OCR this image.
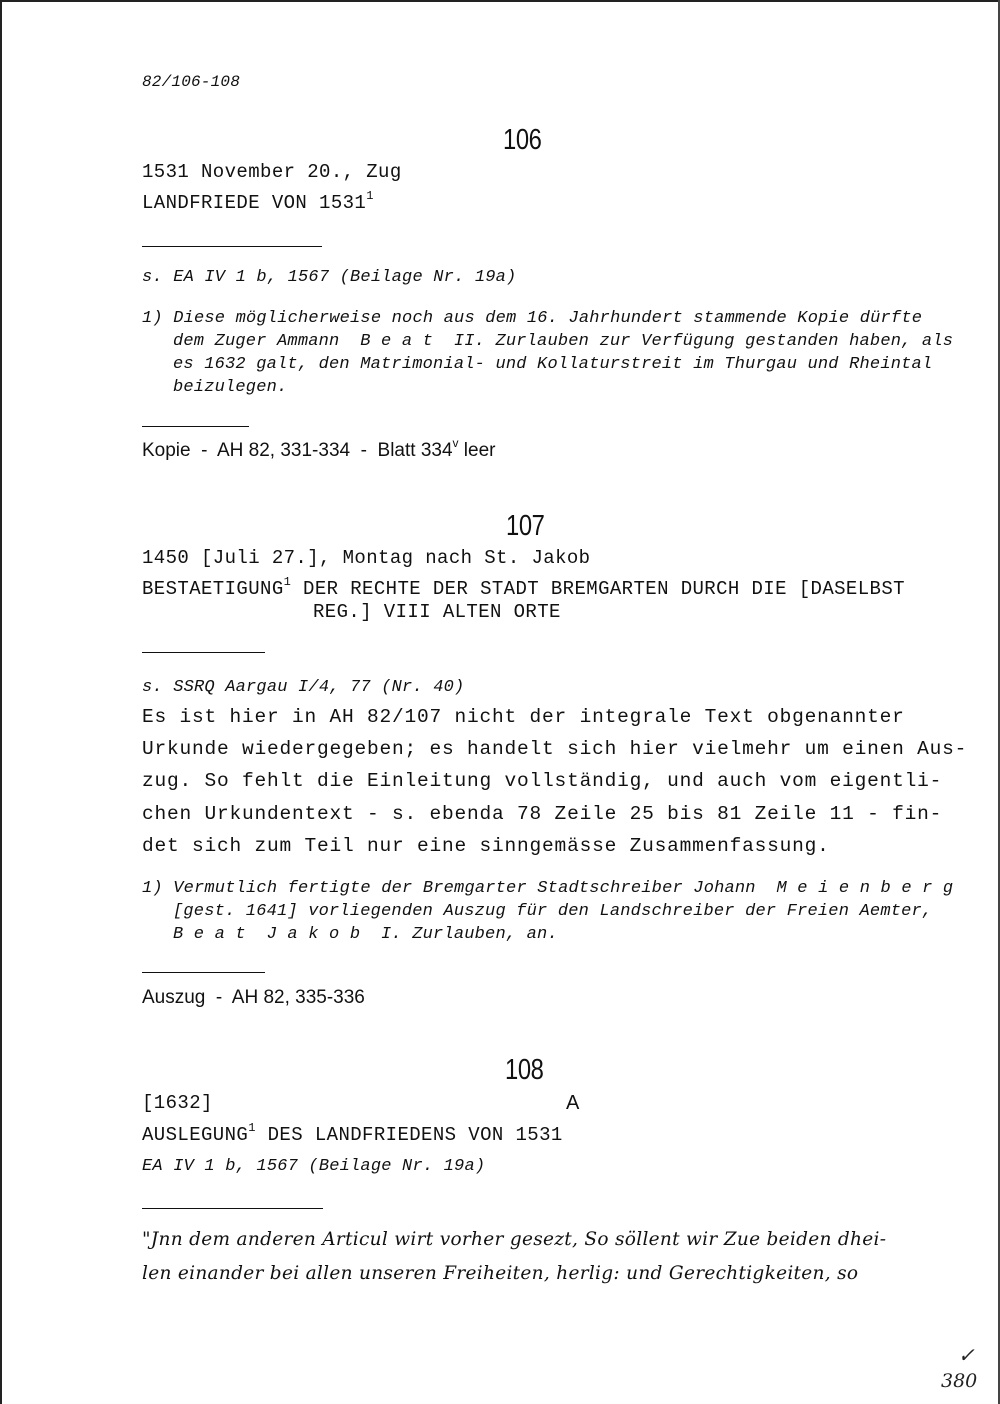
82/106-108
106
1531 November 20., Zug
LANDFRIEDE VON 1531$^1$
s. EA IV 1 b, 1567 (Beilage Nr. 19a)
1) Diese möglicherweise noch aus dem 16. Jahrhundert stammende Kopie dürfte
dem Zuger Ammann  B e a t  II. Zurlauben zur Verfügung gestanden haben, als
es 1632 galt, den Matrimonial- und Kollaturstreit im Thurgau und Rheintal
beizulegen.
Kopie  -  AH 82, 331-334  -  Blatt 334$^v$ leer
107
1450 [Juli 27.], Montag nach St. Jakob
BESTAETIGUNG$^1$ DER RECHTE DER STADT BREMGARTEN DURCH DIE [DASELBST
REG.] VIII ALTEN ORTE
s. SSRQ Aargau I/4, 77 (Nr. 40)
Es ist hier in AH 82/107 nicht der integrale Text obgenannter
Urkunde wiedergegeben; es handelt sich hier vielmehr um einen Aus-
zug. So fehlt die Einleitung vollständig, und auch vom eigentli-
chen Urkundentext - s. ebenda 78 Zeile 25 bis 81 Zeile 11 - fin-
det sich zum Teil nur eine sinngemässe Zusammenfassung.
1) Vermutlich fertigte der Bremgarter Stadtschreiber Johann  M e i e n b e r g
[gest. 1641] vorliegenden Auszug für den Landschreiber der Freien Aemter,
B e a t  J a k o b  I. Zurlauben, an.
Auszug  -  AH 82, 335-336
108
[1632]	A
AUSLEGUNG$^1$ DES LANDFRIEDENS VON 1531
EA IV 1 b, 1567 (Beilage Nr. 19a)
"Jnn dem anderen Articul wirt vorher gesezt, So söllent wir Zue beiden dhei-
len einander bei allen unseren Freiheiten, herlig: und Gerechtigkeiten, so
✓
380
